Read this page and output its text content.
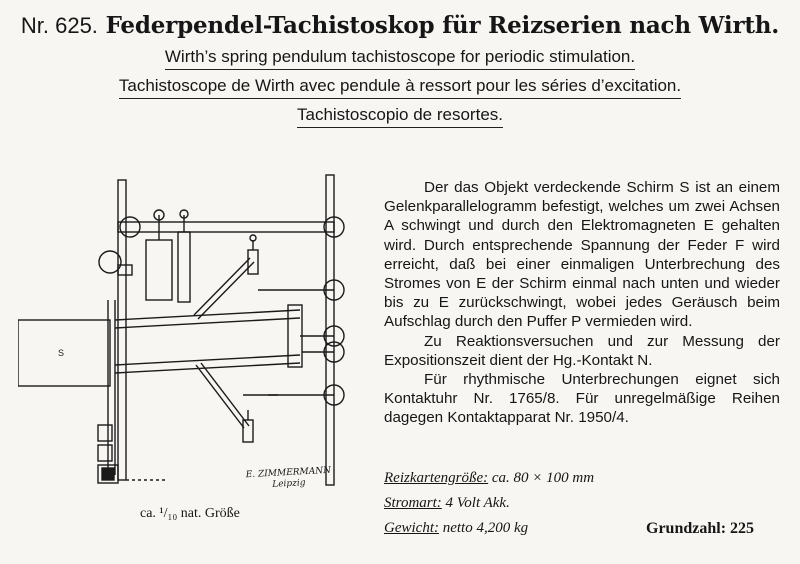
Nr. 625. Federpendel-Tachistoskop für Reizserien nach Wirth.
Wirth’s spring pendulum tachistoscope for periodic stimulation.
Tachistoscope de Wirth avec pendule à ressort pour les séries d’excitation.
Tachistoscopio de resortes.
S
E. ZIMMERMANN
Leipzig
ca. ¹/₁₀ nat. Größe

Der das Objekt verdeckende Schirm S ist an einem Gelenkparallelogramm befestigt, welches um zwei Achsen A schwingt und durch den Elektromagneten E gehalten wird. Durch entsprechende Spannung der Feder F wird erreicht, daß bei einer einmaligen Unterbrechung des Stromes von E der Schirm einmal nach unten und wieder bis zu E zurückschwingt, wobei jedes Geräusch beim Aufschlag durch den Puffer P vermieden wird.

Zu Reaktionsversuchen und zur Messung der Expositionszeit dient der Hg.-Kontakt N.

Für rhythmische Unterbrechungen eignet sich Kontaktuhr Nr. 1765/8. Für unregelmäßige Reihen dagegen Kontaktapparat Nr. 1950/4.

Reizkartengröße: ca. 80 × 100 mm
Stromart: 4 Volt Akk.
Gewicht: netto 4,200 kg	Grundzahl: 225
